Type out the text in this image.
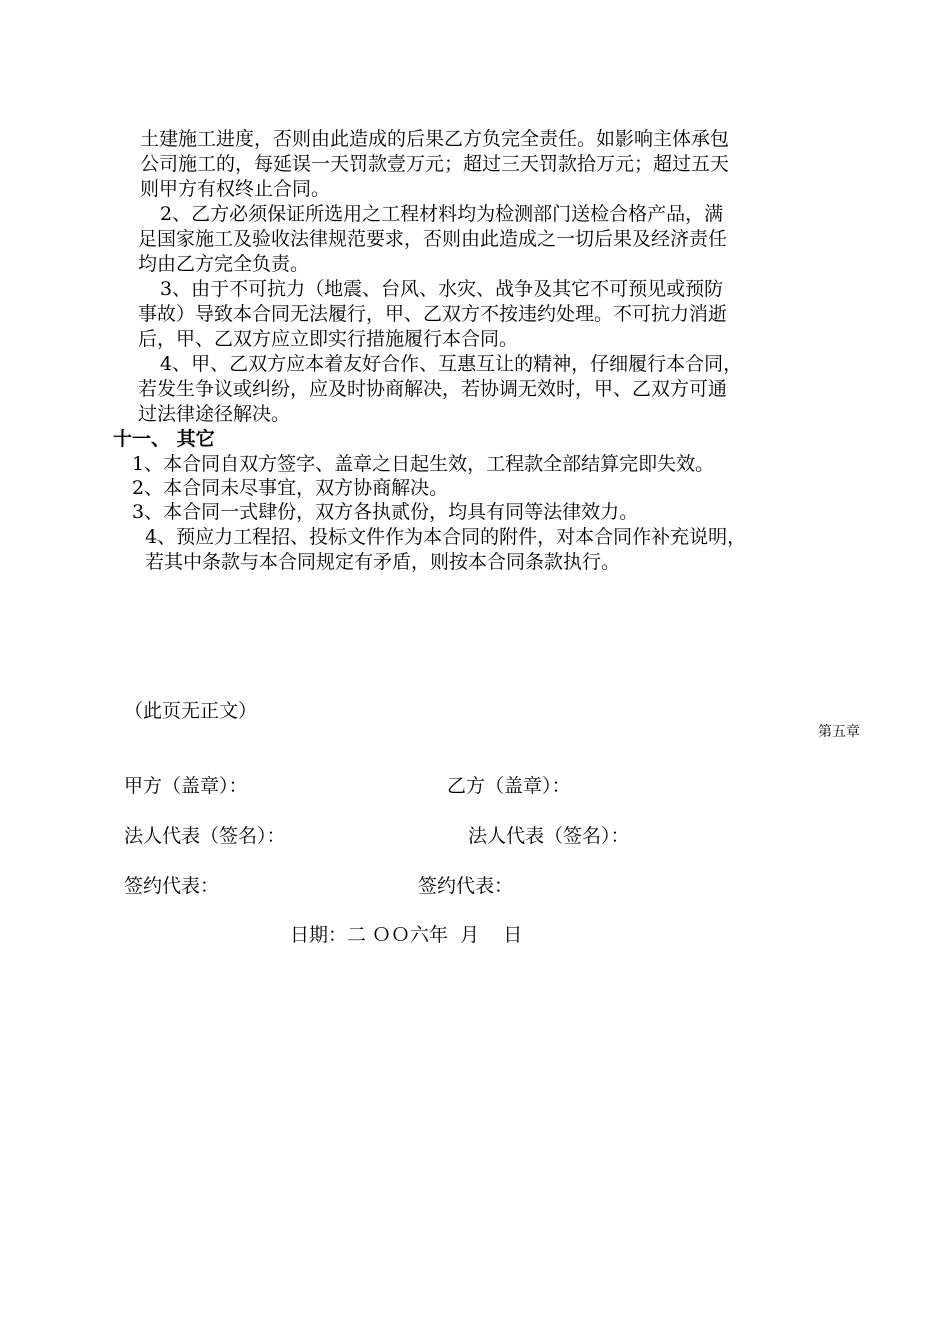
土建施工进度，否则由此造成的后果乙方负完全责任。如影响主体承包
公司施工的，每延误一天罚款壹万元；超过三天罚款拾万元；超过五天
则甲方有权终止合同。
2、乙方必须保证所选用之工程材料均为检测部门送检合格产品，满
足国家施工及验收法律规范要求，否则由此造成之一切后果及经济责任
均由乙方完全负责。
3、由于不可抗力（地震、台风、水灾、战争及其它不可预见或预防
事故）导致本合同无法履行，甲、乙双方不按违约处理。不可抗力消逝
后，甲、乙双方应立即实行措施履行本合同。
4、甲、乙双方应本着友好合作、互惠互让的精神，仔细履行本合同，
若发生争议或纠纷，应及时协商解决，若协调无效时，甲、乙双方可通
过法律途径解决。
十一、 其它
1、本合同自双方签字、盖章之日起生效，工程款全部结算完即失效。
2、本合同未尽事宜，双方协商解决。
3、本合同一式肆份，双方各执贰份，均具有同等法律效力。
4、预应力工程招、投标文件作为本合同的附件，对本合同作补充说明，
若其中条款与本合同规定有矛盾，则按本合同条款执行。
（此页无正文）
第五章
甲方（盖章）：	乙方（盖章）：
法人代表（签名）：	法人代表（签名）：
签约代表：	签约代表：
日期：二 ＯＯ六年  月    日
